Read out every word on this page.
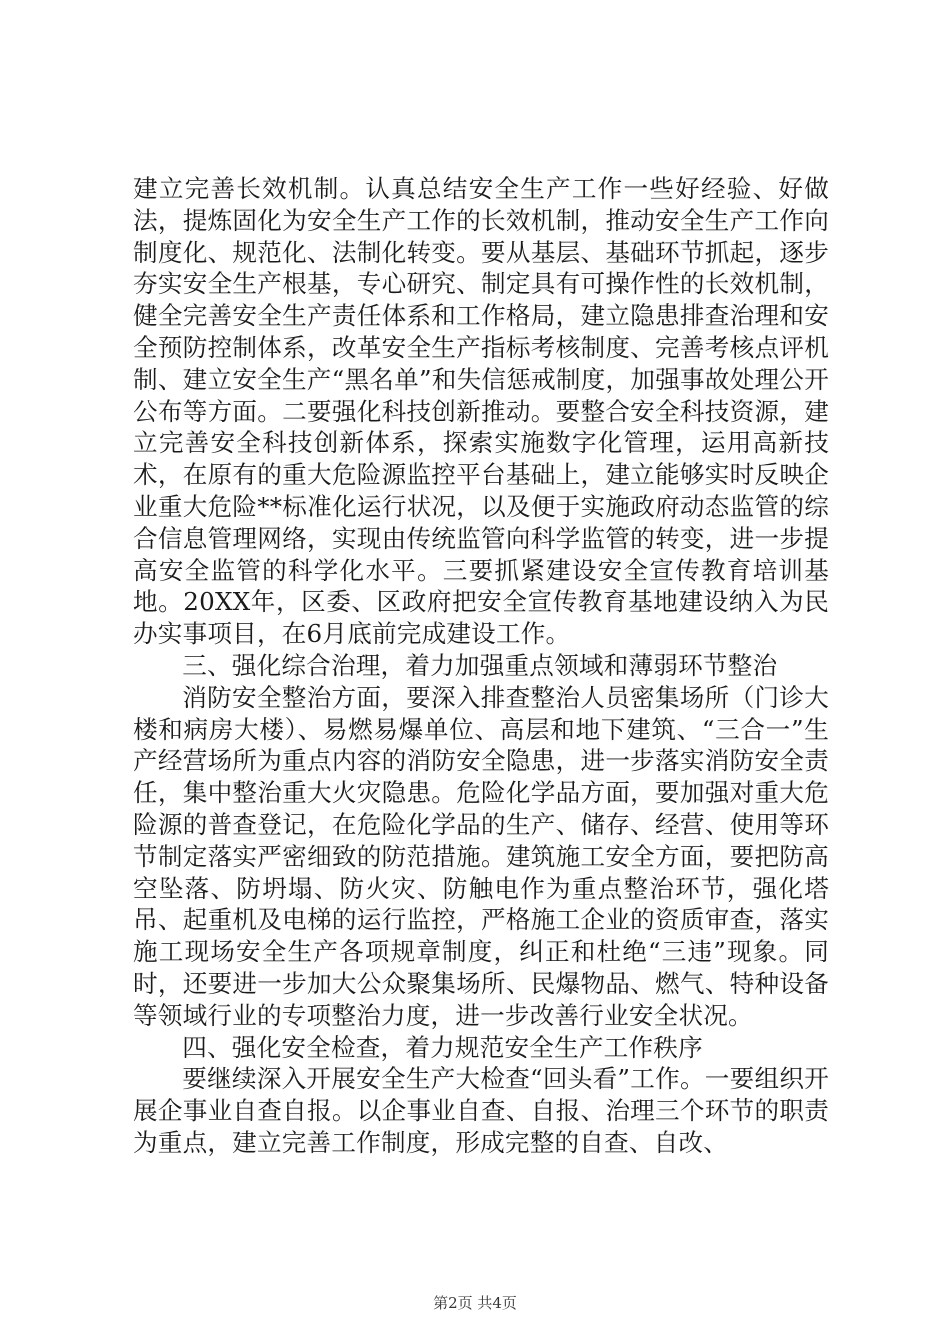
建立完善长效机制。认真总结安全生产工作一些好经验、好做法，提炼固化为安全生产工作的长效机制，推动安全生产工作向制度化、规范化、法制化转变。要从基层、基础环节抓起，逐步夯实安全生产根基，专心研究、制定具有可操作性的长效机制，健全完善安全生产责任体系和工作格局，建立隐患排查治理和安全预防控制体系，改革安全生产指标考核制度、完善考核点评机制、建立安全生产“黑名单”和失信惩戒制度，加强事故处理公开公布等方面。二要强化科技创新推动。要整合安全科技资源，建立完善安全科技创新体系，探索实施数字化管理，运用高新技术，在原有的重大危险源监控平台基础上，建立能够实时反映企业重大危险**标准化运行状况，以及便于实施政府动态监管的综合信息管理网络，实现由传统监管向科学监管的转变，进一步提高安全监管的科学化水平。三要抓紧建设安全宣传教育培训基地。20XX年，区委、区政府把安全宣传教育基地建设纳入为民办实事项目，在6月底前完成建设工作。

三、强化综合治理，着力加强重点领域和薄弱环节整治

消防安全整治方面，要深入排查整治人员密集场所（门诊大楼和病房大楼）、易燃易爆单位、高层和地下建筑、“三合一”生产经营场所为重点内容的消防安全隐患，进一步落实消防安全责任，集中整治重大火灾隐患。危险化学品方面，要加强对重大危险源的普查登记，在危险化学品的生产、储存、经营、使用等环节制定落实严密细致的防范措施。建筑施工安全方面，要把防高空坠落、防坍塌、防火灾、防触电作为重点整治环节，强化塔吊、起重机及电梯的运行监控，严格施工企业的资质审查，落实施工现场安全生产各项规章制度，纠正和杜绝“三违”现象。同时，还要进一步加大公众聚集场所、民爆物品、燃气、特种设备等领域行业的专项整治力度，进一步改善行业安全状况。

四、强化安全检查，着力规范安全生产工作秩序

要继续深入开展安全生产大检查“回头看”工作。一要组织开展企事业自查自报。以企事业自查、自报、治理三个环节的职责为重点，建立完善工作制度，形成完整的自查、自改、

第2页 共4页
